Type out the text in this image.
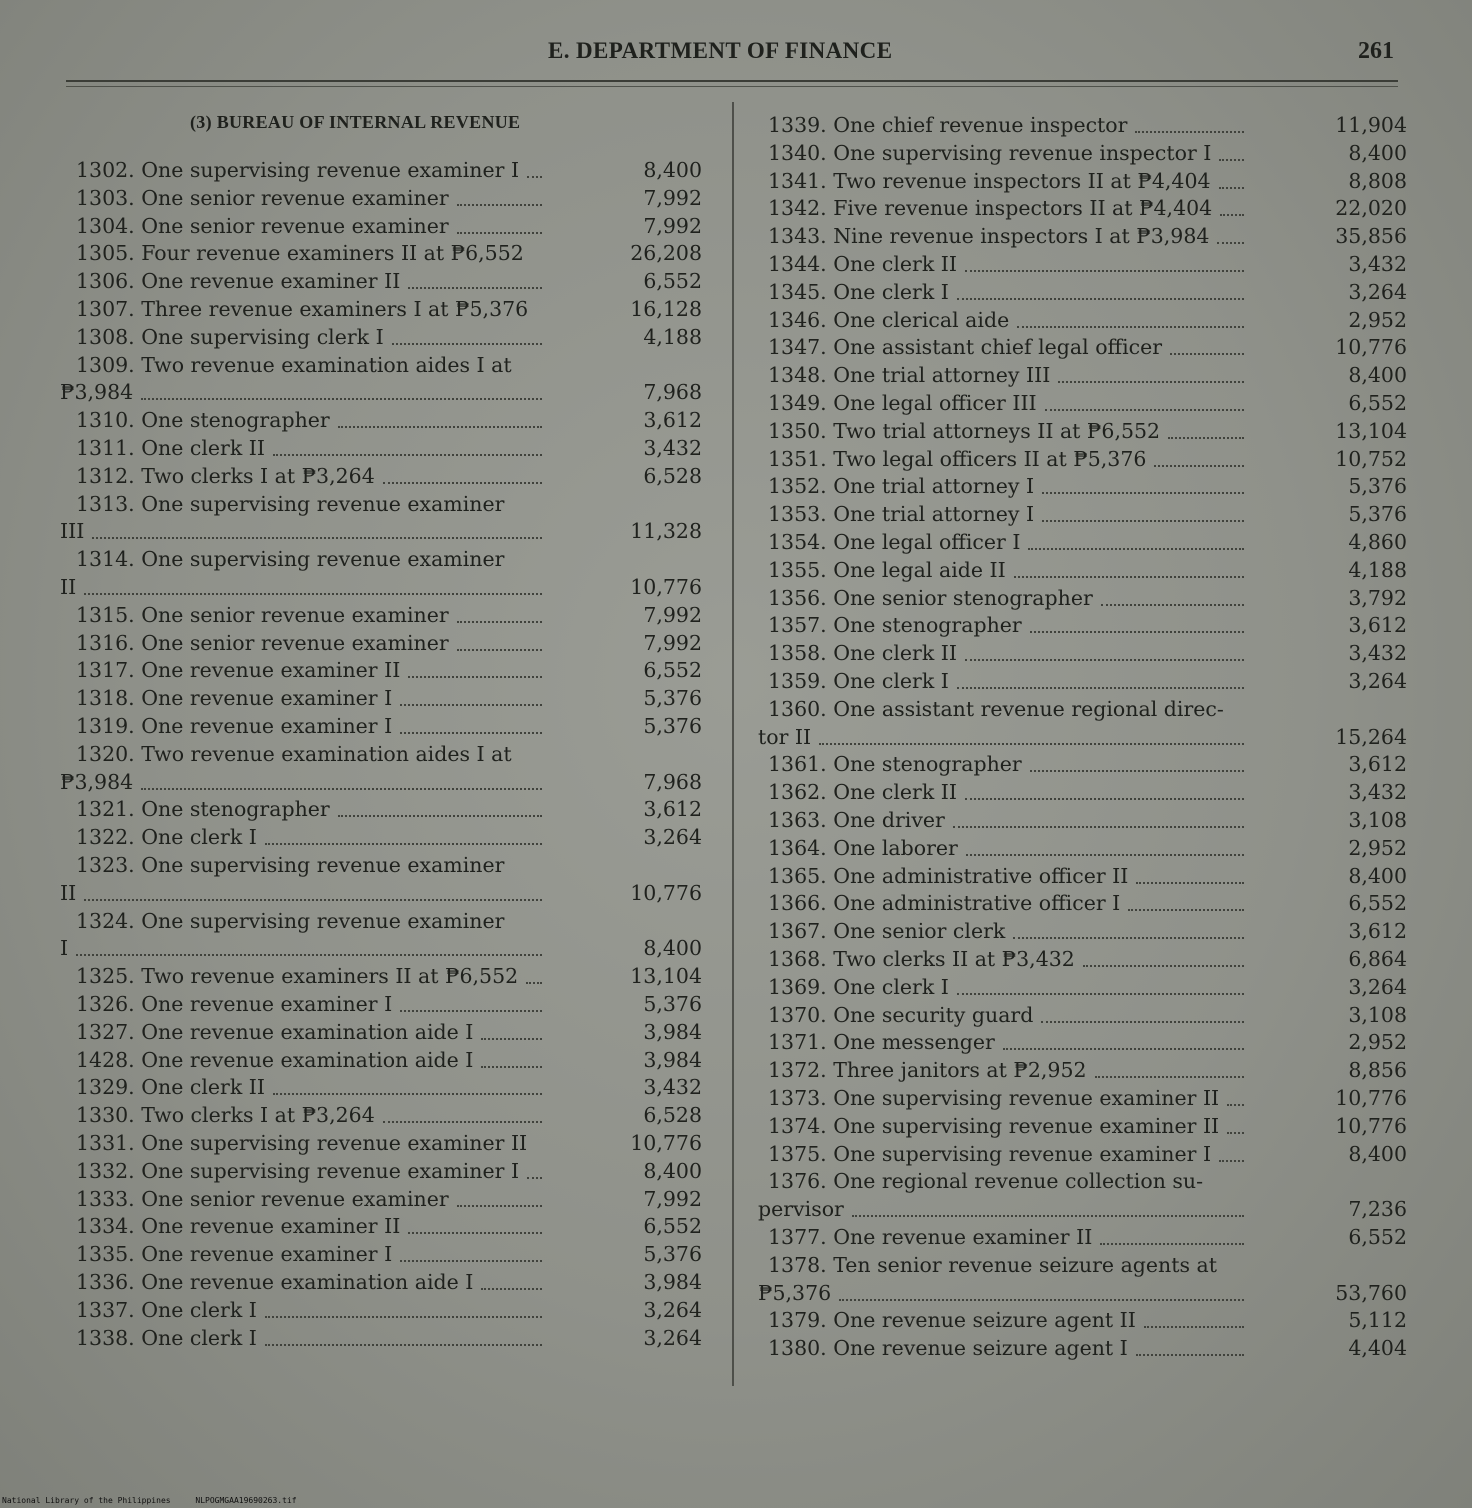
E. DEPARTMENT OF FINANCE	261
(3) BUREAU OF INTERNAL REVENUE
1302. One supervising revenue examiner I	8,400
1303. One senior revenue examiner	7,992
1304. One senior revenue examiner	7,992
1305. Four revenue examiners II at ₱6,552	26,208
1306. One revenue examiner II	6,552
1307. Three revenue examiners I at ₱5,376	16,128
1308. One supervising clerk I	4,188
1309. Two revenue examination aides I at
₱3,984	7,968
1310. One stenographer	3,612
1311. One clerk II	3,432
1312. Two clerks I at ₱3,264	6,528
1313. One supervising revenue examiner
III	11,328
1314. One supervising revenue examiner
II	10,776
1315. One senior revenue examiner	7,992
1316. One senior revenue examiner	7,992
1317. One revenue examiner II	6,552
1318. One revenue examiner I	5,376
1319. One revenue examiner I	5,376
1320. Two revenue examination aides I at
₱3,984	7,968
1321. One stenographer	3,612
1322. One clerk I	3,264
1323. One supervising revenue examiner
II	10,776
1324. One supervising revenue examiner
I	8,400
1325. Two revenue examiners II at ₱6,552	13,104
1326. One revenue examiner I	5,376
1327. One revenue examination aide I	3,984
1428. One revenue examination aide I	3,984
1329. One clerk II	3,432
1330. Two clerks I at ₱3,264	6,528
1331. One supervising revenue examiner II	10,776
1332. One supervising revenue examiner I	8,400
1333. One senior revenue examiner	7,992
1334. One revenue examiner II	6,552
1335. One revenue examiner I	5,376
1336. One revenue examination aide I	3,984
1337. One clerk I	3,264
1338. One clerk I	3,264
1339. One chief revenue inspector	11,904
1340. One supervising revenue inspector I	8,400
1341. Two revenue inspectors II at ₱4,404	8,808
1342. Five revenue inspectors II at ₱4,404	22,020
1343. Nine revenue inspectors I at ₱3,984	35,856
1344. One clerk II	3,432
1345. One clerk I	3,264
1346. One clerical aide	2,952
1347. One assistant chief legal officer	10,776
1348. One trial attorney III	8,400
1349. One legal officer III	6,552
1350. Two trial attorneys II at ₱6,552	13,104
1351. Two legal officers II at ₱5,376	10,752
1352. One trial attorney I	5,376
1353. One trial attorney I	5,376
1354. One legal officer I	4,860
1355. One legal aide II	4,188
1356. One senior stenographer	3,792
1357. One stenographer	3,612
1358. One clerk II	3,432
1359. One clerk I	3,264
1360. One assistant revenue regional direc-
tor II	15,264
1361. One stenographer	3,612
1362. One clerk II	3,432
1363. One driver	3,108
1364. One laborer	2,952
1365. One administrative officer II	8,400
1366. One administrative officer I	6,552
1367. One senior clerk	3,612
1368. Two clerks II at ₱3,432	6,864
1369. One clerk I	3,264
1370. One security guard	3,108
1371. One messenger	2,952
1372. Three janitors at ₱2,952	8,856
1373. One supervising revenue examiner II	10,776
1374. One supervising revenue examiner II	10,776
1375. One supervising revenue examiner I	8,400
1376. One regional revenue collection su-
pervisor	7,236
1377. One revenue examiner II	6,552
1378. Ten senior revenue seizure agents at
₱5,376	53,760
1379. One revenue seizure agent II	5,112
1380. One revenue seizure agent I	4,404
National Library of the Philippines	NLPOGMGAA19690263.tif
